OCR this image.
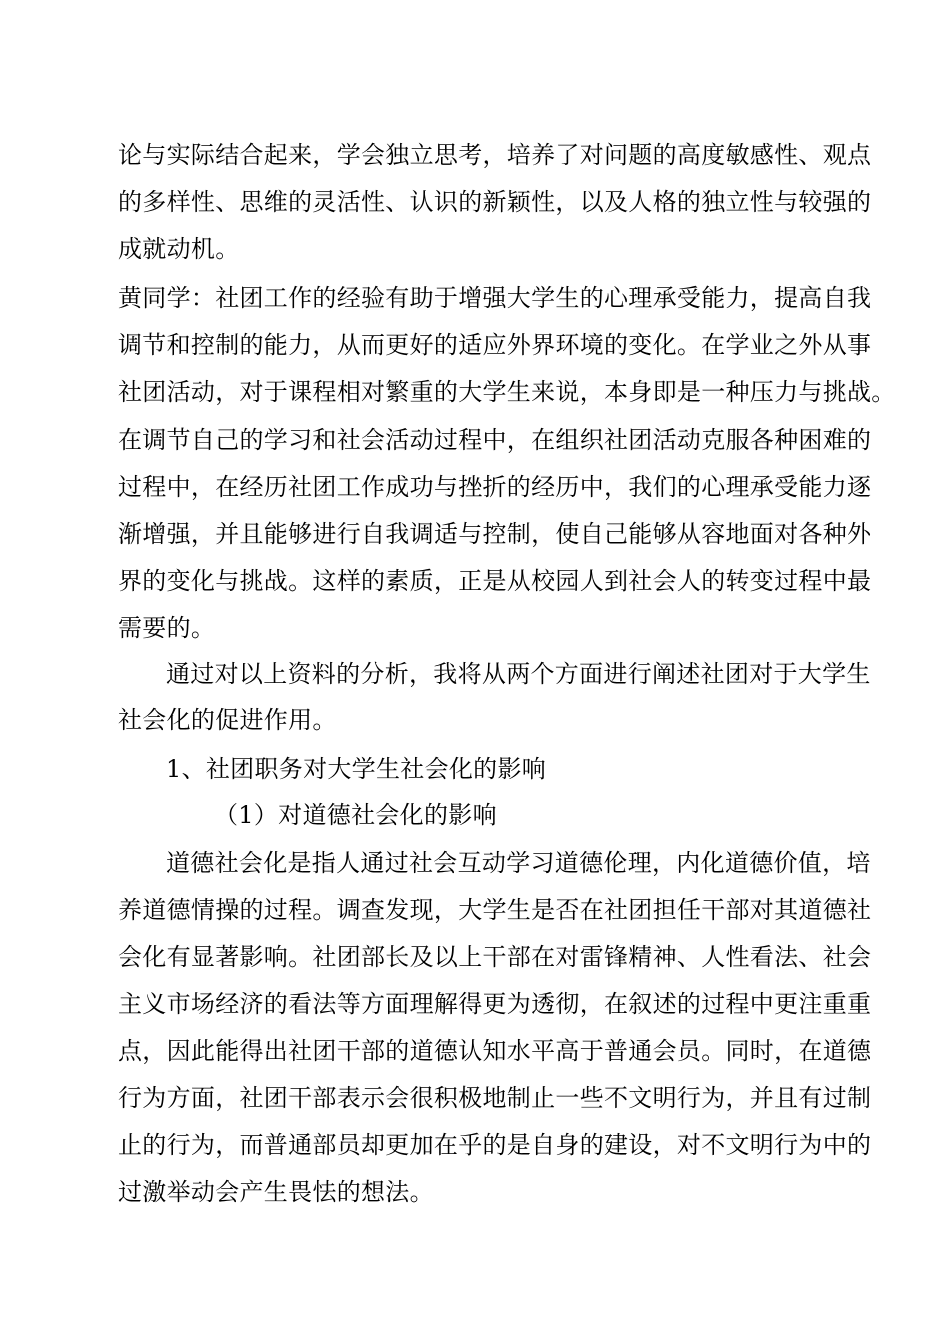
论与实际结合起来，学会独立思考，培养了对问题的高度敏感性、观点
的多样性、思维的灵活性、认识的新颖性，以及人格的独立性与较强的
成就动机。
黄同学：社团工作的经验有助于增强大学生的心理承受能力，提高自我
调节和控制的能力，从而更好的适应外界环境的变化。在学业之外从事
社团活动，对于课程相对繁重的大学生来说，本身即是一种压力与挑战。
在调节自己的学习和社会活动过程中，在组织社团活动克服各种困难的
过程中，在经历社团工作成功与挫折的经历中，我们的心理承受能力逐
渐增强，并且能够进行自我调适与控制，使自己能够从容地面对各种外
界的变化与挑战。这样的素质，正是从校园人到社会人的转变过程中最
需要的。
通过对以上资料的分析，我将从两个方面进行阐述社团对于大学生
社会化的促进作用。
1、社团职务对大学生社会化的影响
（1）对道德社会化的影响
道德社会化是指人通过社会互动学习道德伦理，内化道德价值，培
养道德情操的过程。调查发现，大学生是否在社团担任干部对其道德社
会化有显著影响。社团部长及以上干部在对雷锋精神、人性看法、社会
主义市场经济的看法等方面理解得更为透彻，在叙述的过程中更注重重
点，因此能得出社团干部的道德认知水平高于普通会员。同时，在道德
行为方面，社团干部表示会很积极地制止一些不文明行为，并且有过制
止的行为，而普通部员却更加在乎的是自身的建设，对不文明行为中的
过激举动会产生畏怯的想法。
